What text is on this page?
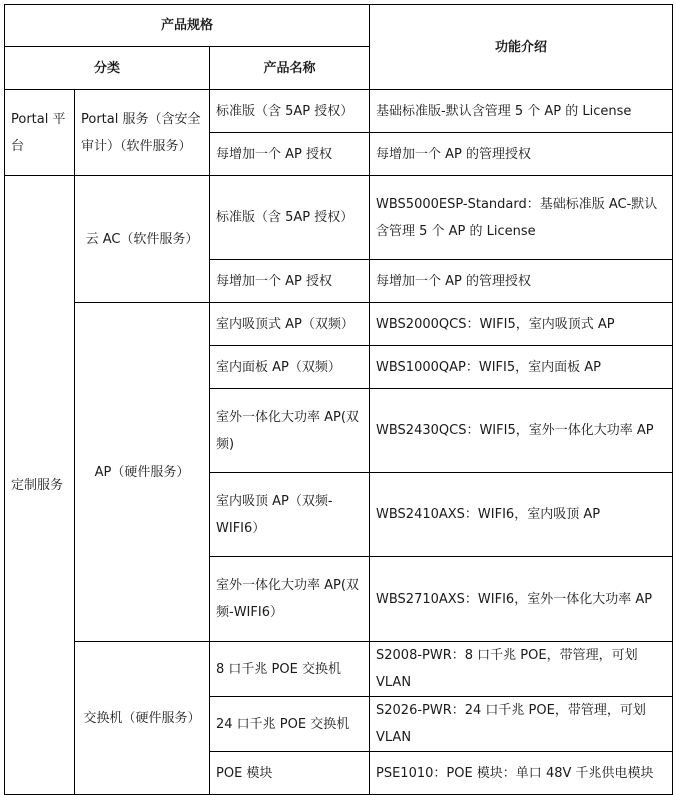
产品规格			功能介绍
分类		产品名称	
Portal 平台	Portal 服务（含安全审计）（软件服务）	标准版（含 5AP 授权）	基础标准版-默认含管理 5 个 AP 的 License
		每增加一个 AP 授权	每增加一个 AP 的管理授权
定制服务	云 AC（软件服务）	标准版（含 5AP 授权）	WBS5000ESP-Standard：基础标准版 AC-默认含管理 5 个 AP 的 License
		每增加一个 AP 授权	每增加一个 AP 的管理授权
	AP（硬件服务）	室内吸顶式 AP（双频）	WBS2000QCS：WIFI5，室内吸顶式 AP
		室内面板 AP（双频）	WBS1000QAP：WIFI5，室内面板 AP
		室外一体化大功率 AP(双频)	WBS2430QCS：WIFI5，室外一体化大功率 AP
		室内吸顶 AP（双频-WIFI6）	WBS2410AXS：WIFI6，室内吸顶 AP
		室外一体化大功率 AP(双频-WIFI6）	WBS2710AXS：WIFI6，室外一体化大功率 AP
	交换机（硬件服务）	8 口千兆 POE 交换机	S2008-PWR：8 口千兆 POE，带管理，可划 VLAN
		24 口千兆 POE 交换机	S2026-PWR：24 口千兆 POE，带管理，可划 VLAN
		POE 模块	PSE1010：POE 模块：单口 48V 千兆供电模块
